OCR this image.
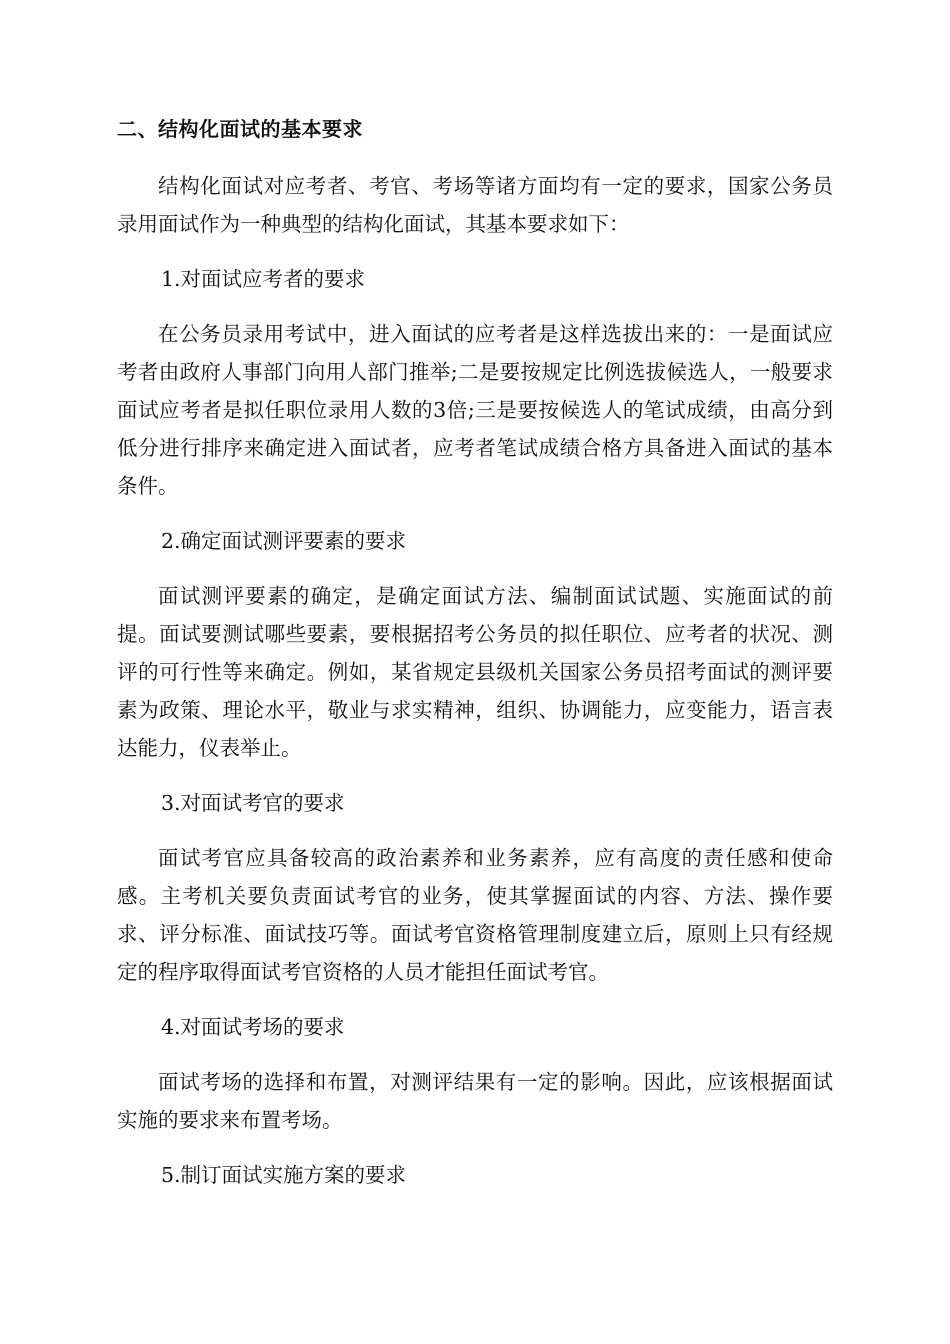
二、结构化面试的基本要求

结构化面试对应考者、考官、考场等诸方面均有一定的要求，国家公务员录用面试作为一种典型的结构化面试，其基本要求如下：

1.对面试应考者的要求

在公务员录用考试中，进入面试的应考者是这样选拔出来的：一是面试应考者由政府人事部门向用人部门推举;二是要按规定比例选拔候选人，一般要求面试应考者是拟任职位录用人数的3倍;三是要按候选人的笔试成绩，由高分到低分进行排序来确定进入面试者，应考者笔试成绩合格方具备进入面试的基本条件。

2.确定面试测评要素的要求

面试测评要素的确定，是确定面试方法、编制面试试题、实施面试的前提。面试要测试哪些要素，要根据招考公务员的拟任职位、应考者的状况、测评的可行性等来确定。例如，某省规定县级机关国家公务员招考面试的测评要素为政策、理论水平，敬业与求实精神，组织、协调能力，应变能力，语言表达能力，仪表举止。

3.对面试考官的要求

面试考官应具备较高的政治素养和业务素养，应有高度的责任感和使命感。主考机关要负责面试考官的业务，使其掌握面试的内容、方法、操作要求、评分标准、面试技巧等。面试考官资格管理制度建立后，原则上只有经规定的程序取得面试考官资格的人员才能担任面试考官。

4.对面试考场的要求

面试考场的选择和布置，对测评结果有一定的影响。因此，应该根据面试实施的要求来布置考场。

5.制订面试实施方案的要求
